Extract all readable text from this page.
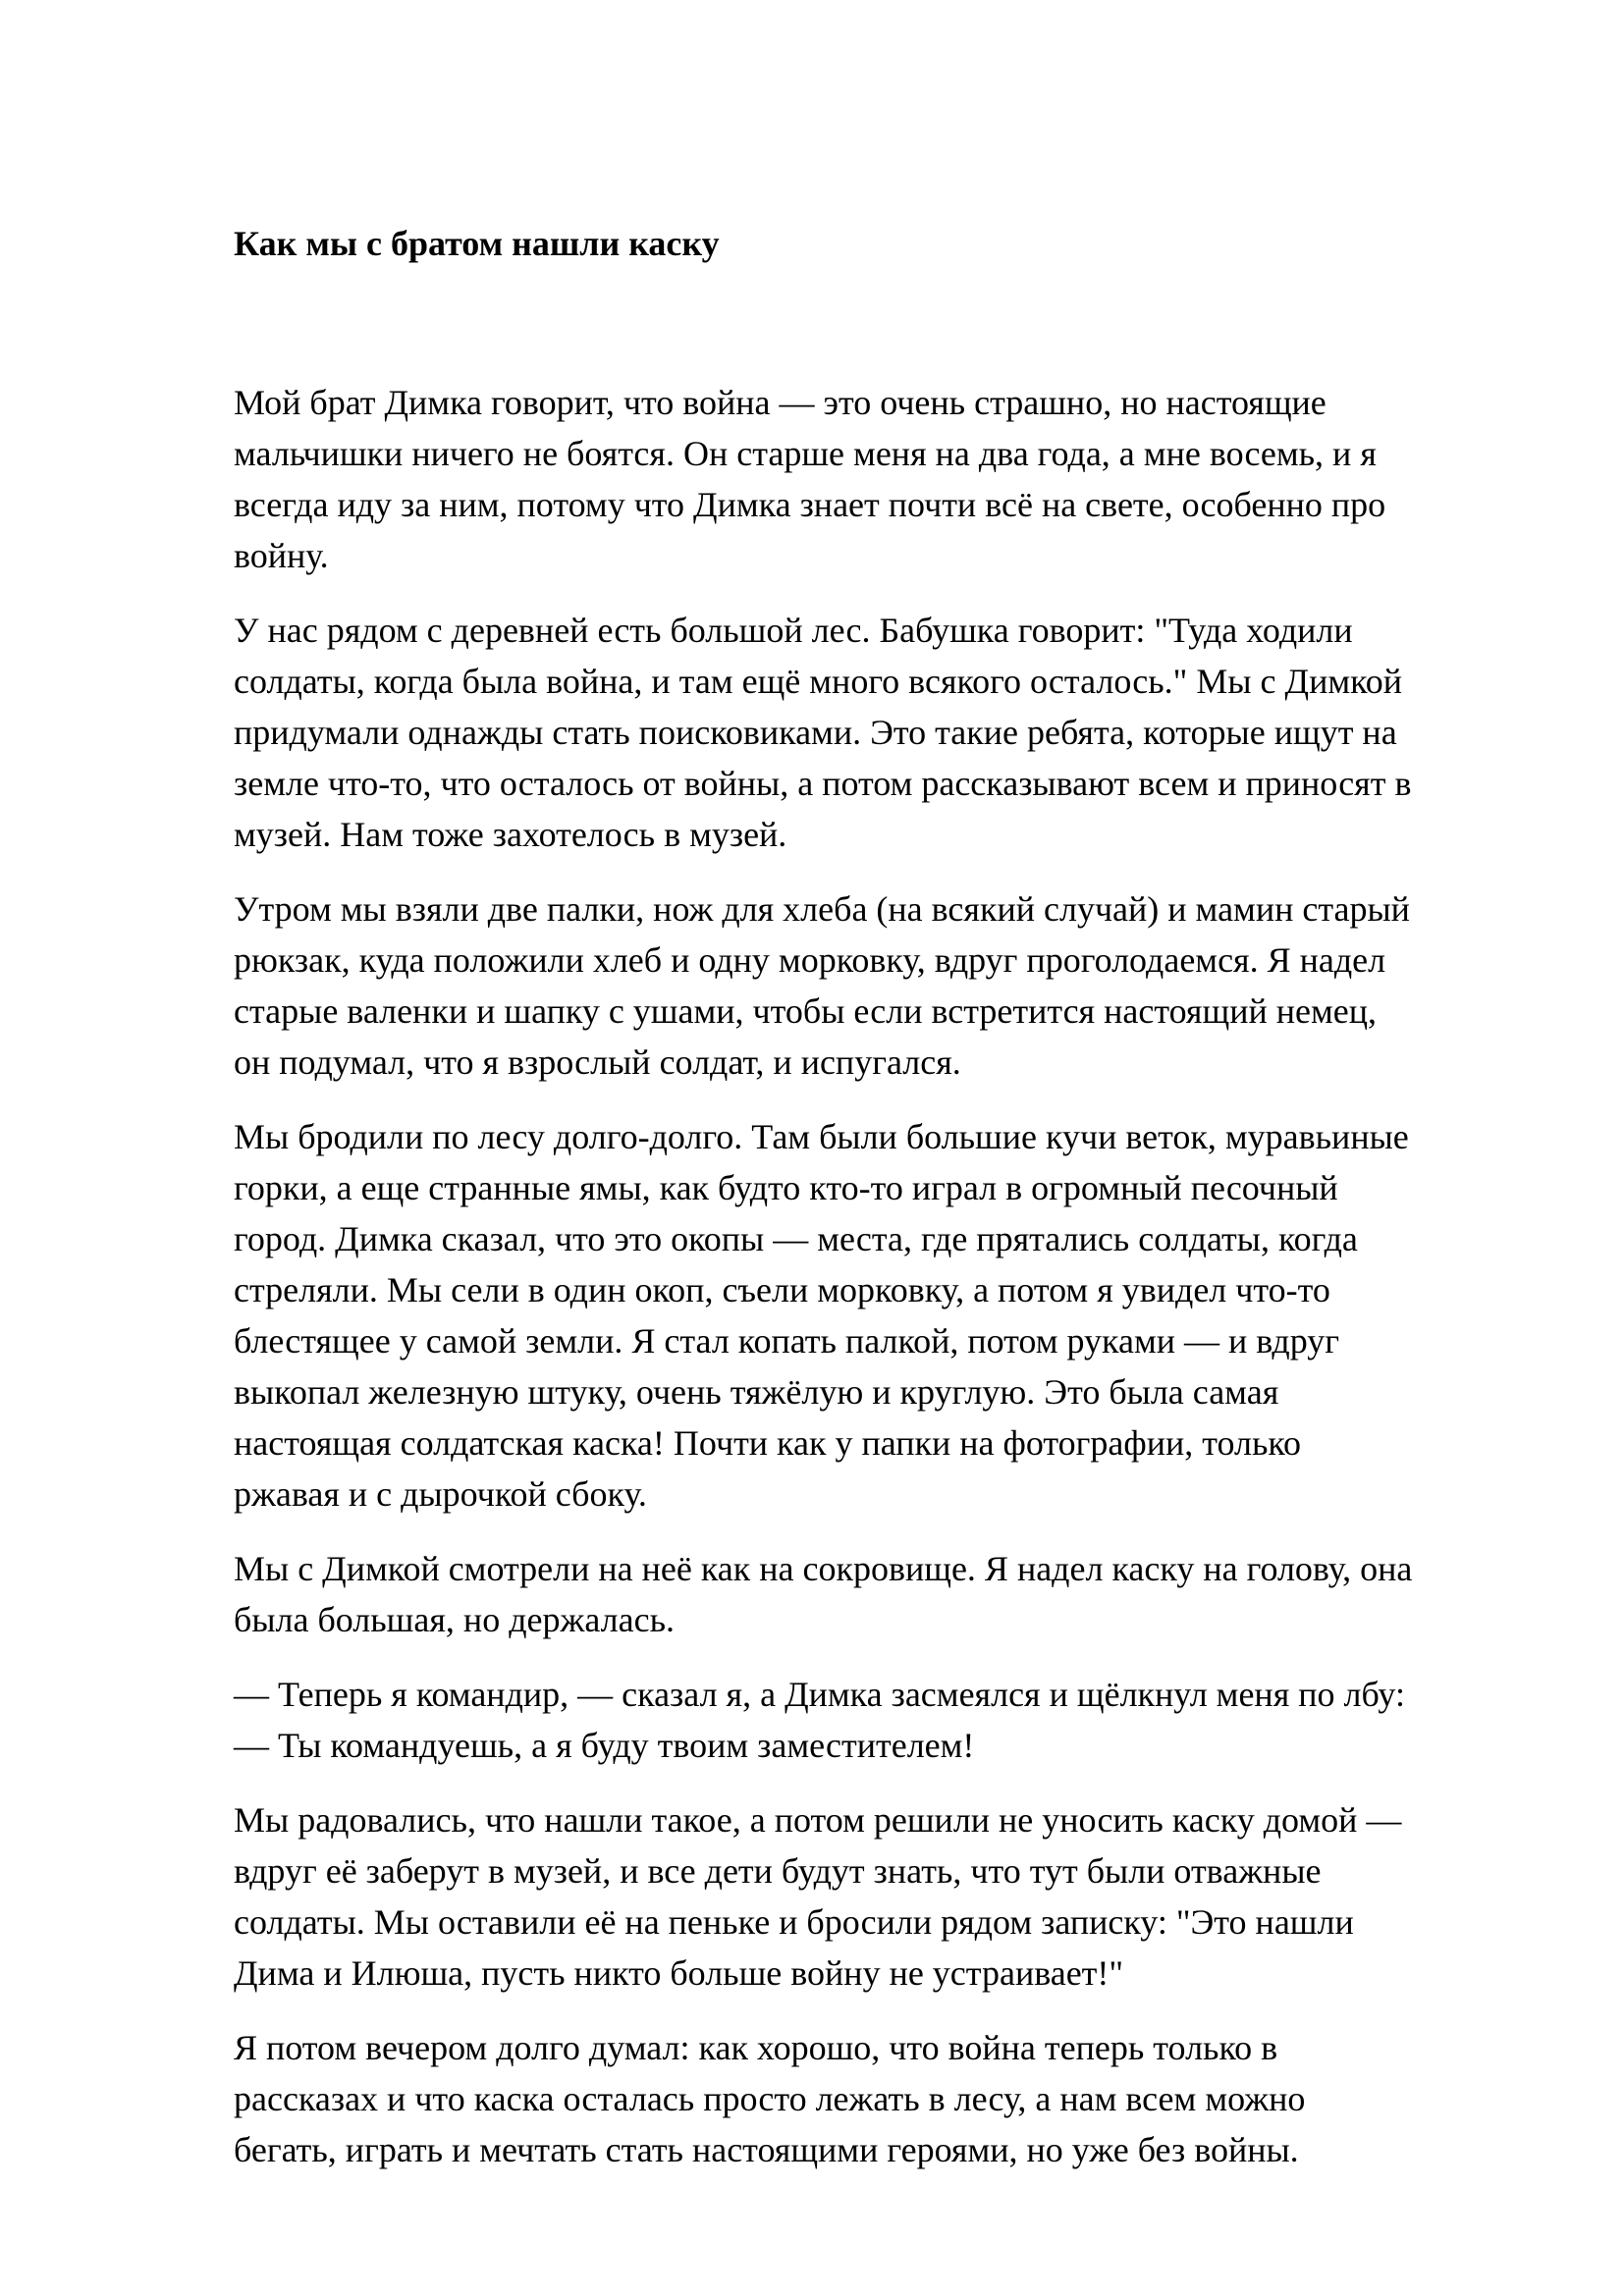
Как мы с братом нашли каску

Мой брат Димка говорит, что война — это очень страшно, но настоящие
мальчишки ничего не боятся. Он старше меня на два года, а мне восемь, и я
всегда иду за ним, потому что Димка знает почти всё на свете, особенно про
войну.

У нас рядом с деревней есть большой лес. Бабушка говорит: "Туда ходили
солдаты, когда была война, и там ещё много всякого осталось." Мы с Димкой
придумали однажды стать поисковиками. Это такие ребята, которые ищут на
земле что-то, что осталось от войны, а потом рассказывают всем и приносят в
музей. Нам тоже захотелось в музей.

Утром мы взяли две палки, нож для хлеба (на всякий случай) и мамин старый
рюкзак, куда положили хлеб и одну морковку, вдруг проголодаемся. Я надел
старые валенки и шапку с ушами, чтобы если встретится настоящий немец,
он подумал, что я взрослый солдат, и испугался.

Мы бродили по лесу долго-долго. Там были большие кучи веток, муравьиные
горки, а еще странные ямы, как будто кто-то играл в огромный песочный
город. Димка сказал, что это окопы — места, где прятались солдаты, когда
стреляли. Мы сели в один окоп, съели морковку, а потом я увидел что-то
блестящее у самой земли. Я стал копать палкой, потом руками — и вдруг
выкопал железную штуку, очень тяжёлую и круглую. Это была самая
настоящая солдатская каска! Почти как у папки на фотографии, только
ржавая и с дырочкой сбоку.

Мы с Димкой смотрели на неё как на сокровище. Я надел каску на голову, она
была большая, но держалась.

— Теперь я командир, — сказал я, а Димка засмеялся и щёлкнул меня по лбу:
— Ты командуешь, а я буду твоим заместителем!

Мы радовались, что нашли такое, а потом решили не уносить каску домой —
вдруг её заберут в музей, и все дети будут знать, что тут были отважные
солдаты. Мы оставили её на пеньке и бросили рядом записку: "Это нашли
Дима и Илюша, пусть никто больше войну не устраивает!"

Я потом вечером долго думал: как хорошо, что война теперь только в
рассказах и что каска осталась просто лежать в лесу, а нам всем можно
бегать, играть и мечтать стать настоящими героями, но уже без войны.
